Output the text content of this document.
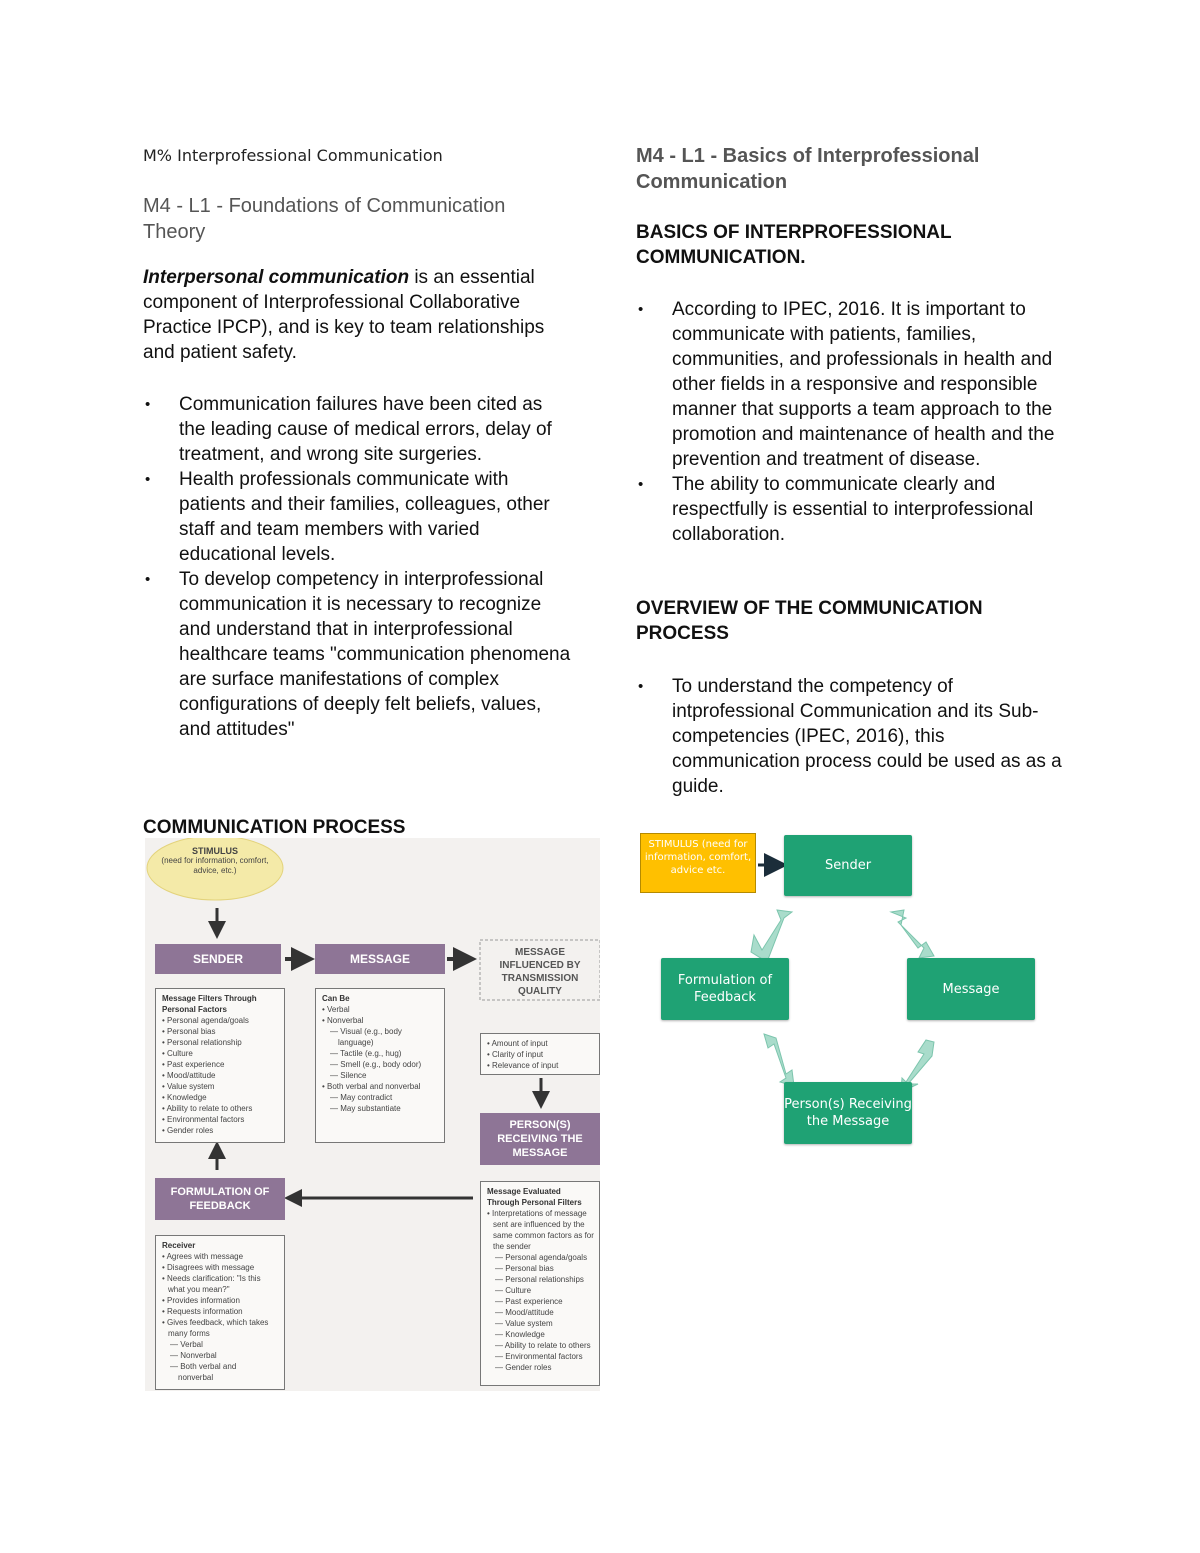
M% Interprofessional Communication
M4 - L1 - Foundations of Communication Theory
Interpersonal communication is an essential component of Interprofessional Collaborative Practice IPCP), and is key to team relationships and patient safety.
• Communication failures have been cited as the leading cause of medical errors, delay of treatment, and wrong site surgeries.
• Health professionals communicate with patients and their families, colleagues, other staff and team members with varied educational levels.
• To develop competency in interprofessional communication it is necessary to recognize and understand that in interprofessional healthcare teams "communication phenomena are surface manifestations of complex configurations of deeply felt beliefs, values, and attitudes"
COMMUNICATION PROCESS
STIMULUS
(need for information, comfort, advice, etc.)
SENDER	MESSAGE	MESSAGE INFLUENCED BY TRANSMISSION QUALITY
Message Filters Through Personal Factors
• Personal agenda/goals
• Personal bias
• Personal relationship
• Culture
• Past experience
• Mood/attitude
• Value system
• Knowledge
• Ability to relate to others
• Environmental factors
• Gender roles
Can Be
• Verbal
• Nonverbal
— Visual (e.g., body
language)
— Tactile (e.g., hug)
— Smell (e.g., body odor)
— Silence
• Both verbal and nonverbal
— May contradict
— May substantiate
• Amount of input
• Clarity of input
• Relevance of input
PERSON(S) RECEIVING THE MESSAGE
Message Evaluated Through Personal Filters
• Interpretations of message
sent are influenced by the
same common factors as for
the sender
— Personal agenda/goals
— Personal bias
— Personal relationships
— Culture
— Past experience
— Mood/attitude
— Value system
— Knowledge
— Ability to relate to others
— Environmental factors
— Gender roles
FORMULATION OF FEEDBACK
Receiver
• Agrees with message
• Disagrees with message
• Needs clarification: "Is this
what you mean?"
• Provides information
• Requests information
• Gives feedback, which takes
many forms
— Verbal
— Nonverbal
— Both verbal and
nonverbal
M4 - L1 - Basics of Interprofessional Communication
BASICS OF INTERPROFESSIONAL COMMUNICATION.
• According to IPEC, 2016. It is important to communicate with patients, families, communities, and professionals in health and other fields in a responsive and responsible manner that supports a team approach to the promotion and maintenance of health and the prevention and treatment of disease.
• The ability to communicate clearly and respectfully is essential to interprofessional collaboration.
OVERVIEW OF THE COMMUNICATION PROCESS
• To understand the competency of intprofessional Communication and its Sub-competencies (IPEC, 2016), this communication process could be used as as a guide.
STIMULUS (need for information, comfort, advice etc.	Sender
Formulation of Feedback
Message
Person(s) Receiving the Message
